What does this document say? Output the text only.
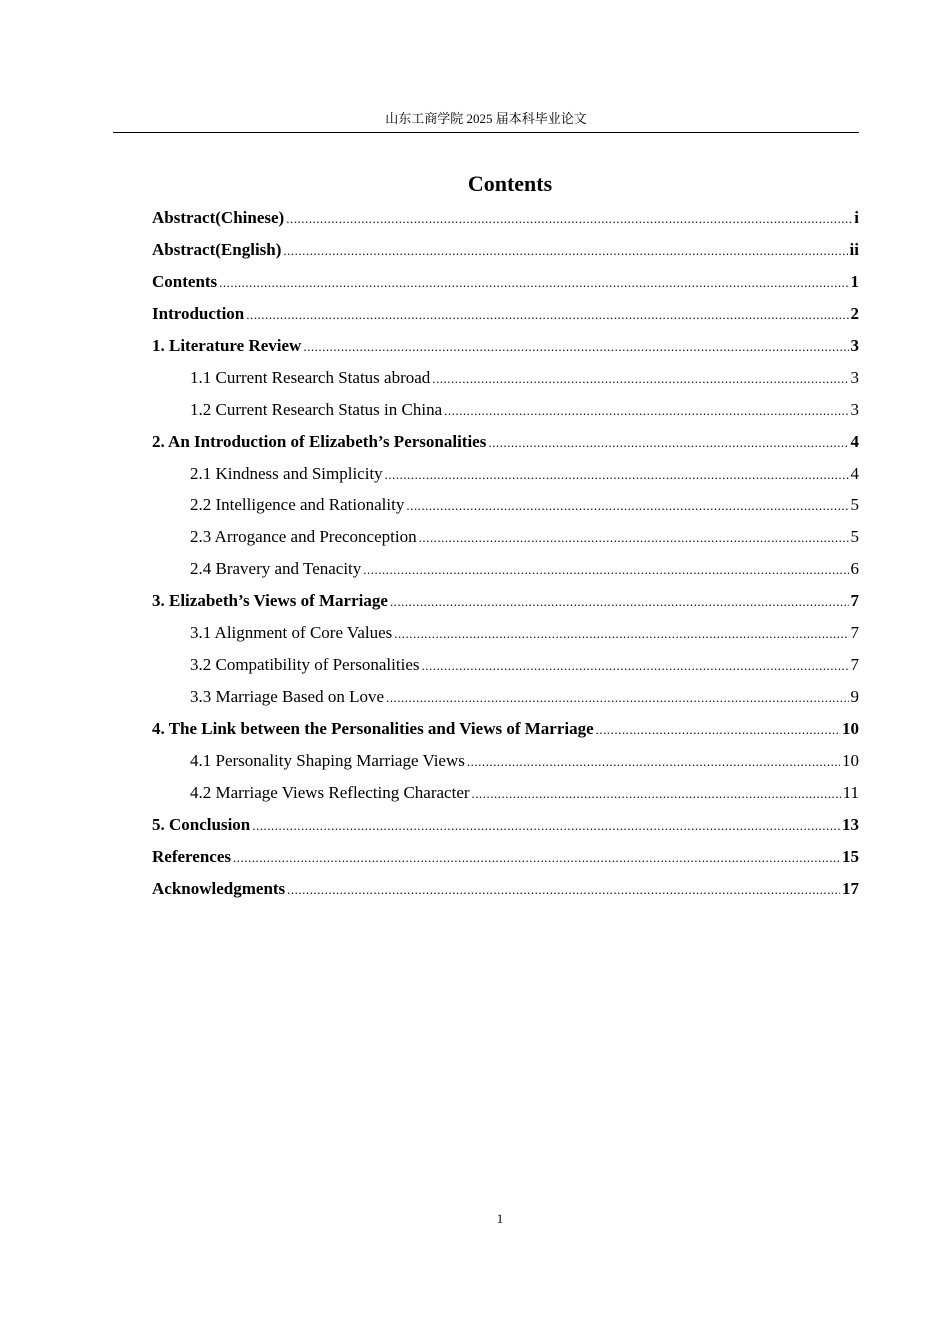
山东工商学院 2025 届本科毕业论文
Contents
Abstract(Chinese) .....	i
Abstract(English) .....	ii
Contents .....	1
Introduction .....	2
1. Literature Review .....	3
1.1 Current Research Status abroad .....	3
1.2 Current Research Status in China .....	3
2. An Introduction of Elizabeth’s Personalities .....	4
2.1 Kindness and Simplicity .....	4
2.2 Intelligence and Rationality .....	5
2.3 Arrogance and Preconception .....	5
2.4 Bravery and Tenacity .....	6
3. Elizabeth’s Views of Marriage .....	7
3.1 Alignment of Core Values .....	7
3.2 Compatibility of Personalities .....	7
3.3 Marriage Based on Love .....	9
4. The Link between the Personalities and Views of Marriage .....	10
4.1 Personality Shaping Marriage Views .....	10
4.2 Marriage Views Reflecting Character .....	11
5. Conclusion .....	13
References .....	15
Acknowledgments .....	17
1
